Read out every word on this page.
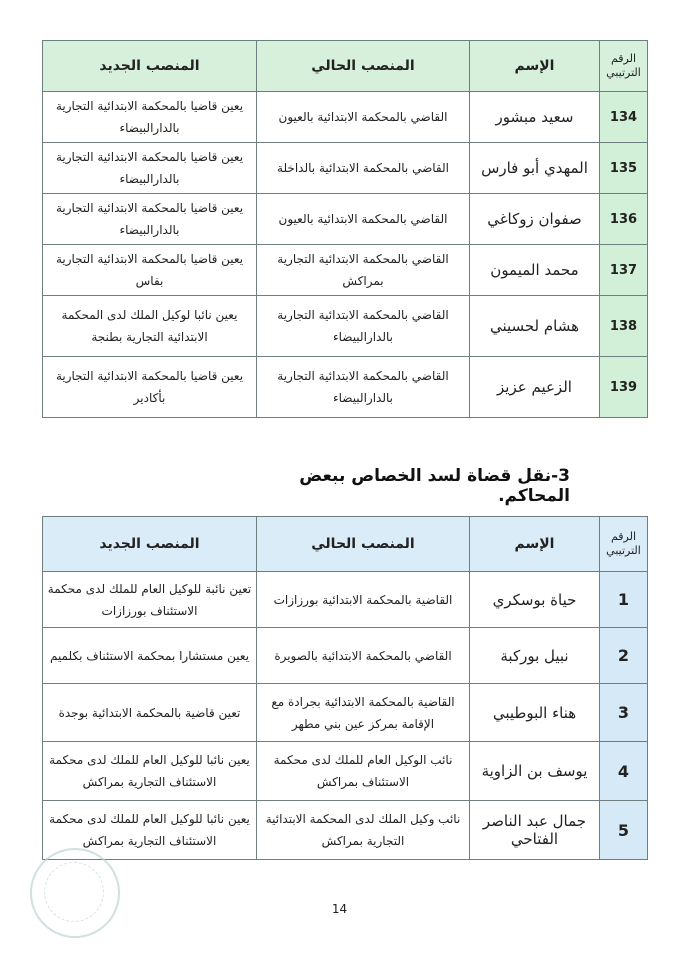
الرقم الترتيبي	الإسم	المنصب الحالي	المنصب الجديد
134	سعيد مبشور	القاضي بالمحكمة الابتدائية بالعيون	يعين قاضيا بالمحكمة الابتدائية التجارية بالدارالبيضاء
135	المهدي أبو فارس	القاضي بالمحكمة الابتدائية بالداخلة	يعين قاضيا بالمحكمة الابتدائية التجارية بالدارالبيضاء
136	صفوان زوكاغي	القاضي بالمحكمة الابتدائية بالعيون	يعين قاضيا بالمحكمة الابتدائية التجارية بالدارالبيضاء
137	محمد الميمون	القاضي بالمحكمة الابتدائية التجارية بمراكش	يعين قاضيا بالمحكمة الابتدائية التجارية بفاس
138	هشام لحسيني	القاضي بالمحكمة الابتدائية التجارية بالدارالبيضاء	يعين نائبا لوكيل الملك لدى المحكمة الابتدائية التجارية بطنجة
139	الزعيم عزيز	القاضي بالمحكمة الابتدائية التجارية بالدارالبيضاء	يعين قاضيا بالمحكمة الابتدائية التجارية بأكادير
3-نقل قضاة لسد الخصاص ببعض المحاكم.
الرقم الترتيبي	الإسم	المنصب الحالي	المنصب الجديد
1	حياة بوسكري	القاضية بالمحكمة الابتدائية بورزازات	تعين نائبة للوكيل العام للملك لدى محكمة الاستئناف بورزازات
2	نبيل بوركبة	القاضي بالمحكمة الابتدائية بالصويرة	يعين مستشارا بمحكمة الاستئناف بكلميم
3	هناء البوطيبي	القاضية بالمحكمة الابتدائية بجرادة مع الإقامة بمركز عين بني مطهر	تعين قاضية بالمحكمة الابتدائية بوجدة
4	يوسف بن الزاوية	نائب الوكيل العام للملك لدى محكمة الاستئناف بمراكش	يعين نائبا للوكيل العام للملك لدى محكمة الاستئناف التجارية بمراكش
5	جمال عبد الناصر الفتاحي	نائب وكيل الملك لدى المحكمة الابتدائية التجارية بمراكش	يعين نائبا للوكيل العام للملك لدى محكمة الاستئناف التجارية بمراكش
14
